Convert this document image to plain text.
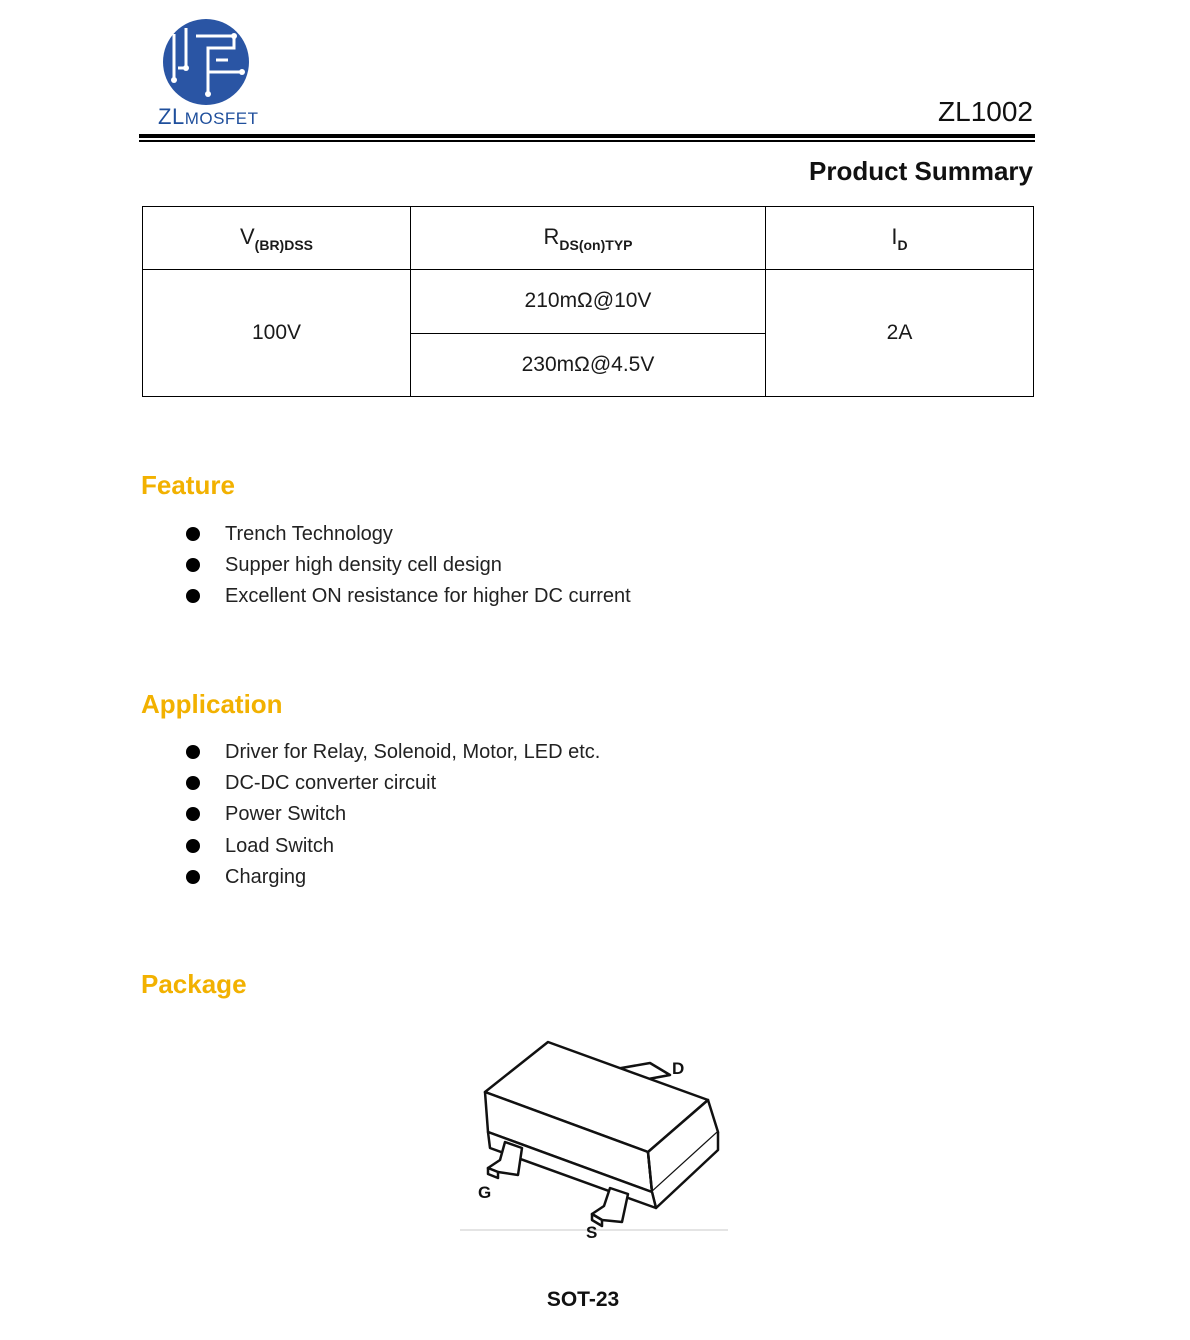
ZLMOSFET	ZL1002
Product Summary
$V_{(BR)DSS}$	$R_{DS(on)TYP}$	$I_D$
100V	210mΩ@10V	2A
	230mΩ@4.5V	
Feature
Trench Technology
Supper high density cell design
Excellent ON resistance for higher DC current
Application
Driver for Relay, Solenoid, Motor, LED etc.
DC-DC converter circuit
Power Switch
Load Switch
Charging
Package
D
G
S
SOT-23
